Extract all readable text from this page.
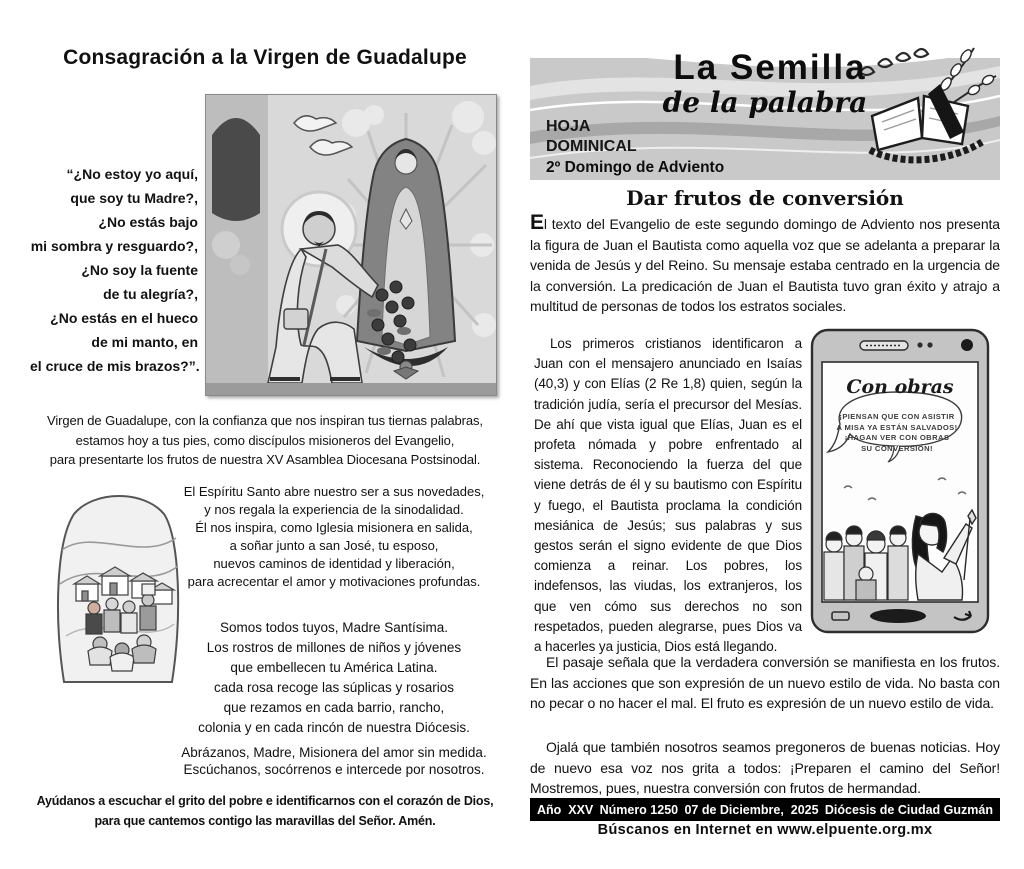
Consagración a la Virgen de Guadalupe
“¿No estoy yo aquí,
que soy tu Madre?,
¿No estás bajo
mi sombra y resguardo?,
¿No soy la fuente
de tu alegría?,
¿No estás en el hueco
de mi manto, en
el cruce de mis brazos?”.
Virgen de Guadalupe, con la confianza que nos inspiran tus tiernas palabras,
estamos hoy a tus pies, como discípulos misioneros del Evangelio,
para presentarte los frutos de nuestra XV Asamblea Diocesana Postsinodal.
El Espíritu Santo abre nuestro ser a sus novedades,
y nos regala la experiencia de la sinodalidad.
Él nos inspira, como Iglesia misionera en salida,
a soñar junto a san José, tu esposo,
nuevos caminos de identidad y liberación,
para acrecentar el amor y motivaciones profundas.
Somos todos tuyos, Madre Santísima.
Los rostros de millones de niños y jóvenes
que embellecen tu América Latina.
cada rosa recoge las súplicas y rosarios
que rezamos en cada barrio, rancho,
colonia y en cada rincón de nuestra Diócesis.
Abrázanos, Madre, Misionera del amor sin medida.
Escúchanos, socórrenos e intercede por nosotros.
Ayúdanos a escuchar el grito del pobre e identificarnos con el corazón de Dios,
para que cantemos contigo las maravillas del Señor. Amén.
La Semilla
de la palabra
HOJA
DOMINICAL
2º Domingo de Adviento
Dar frutos de conversión

El texto del Evangelio de este segundo domingo de Adviento nos presenta la figura de Juan el Bautista como aquella voz que se adelanta a preparar la venida de Jesús y del Reino. Su mensaje estaba centrado en la urgencia de la conversión. La predicación de Juan el Bautista tuvo gran éxito y atrajo a multitud de personas de todos los estratos sociales.

Los primeros cristianos identificaron a Juan con el mensajero anunciado en Isaías (40,3) y con Elías (2 Re 1,8) quien, según la tradición judía, sería el precursor del Mesías. De ahí que vista igual que Elías, Juan es el profeta nómada y pobre enfrentado al sistema. Reconociendo la fuerza del que viene detrás de él y su bautismo con Espíritu y fuego, el Bautista proclama la condición mesiánica de Jesús; sus palabras y sus gestos serán el signo evidente de que Dios comienza a reinar. Los pobres, los indefensos, las viudas, los extranjeros, los que ven cómo sus derechos no son respetados, pueden alegrarse, pues Dios va a hacerles ya justicia, Dios está llegando.

Con obras
¡PIENSAN QUE CON ASISTIR
A MISA YA ESTÁN SALVADOS!
¡HAGAN VER CON OBRAS
SU CONVERSIÓN!

El pasaje señala que la verdadera conversión se manifiesta en los frutos. En las acciones que son expresión de un nuevo estilo de vida. No basta con no pecar o no hacer el mal. El fruto es expresión de un nuevo estilo de vida.

Ojalá que también nosotros seamos pregoneros de buenas noticias. Hoy de nuevo esa voz nos grita a todos: ¡Preparen el camino del Señor! Mostremos, pues, nuestra conversión con frutos de hermandad.

Año  XXV Número 1250 07 de Diciembre,  2025 Diócesis de Ciudad Guzmán
Búscanos en Internet en www.elpuente.org.mx
